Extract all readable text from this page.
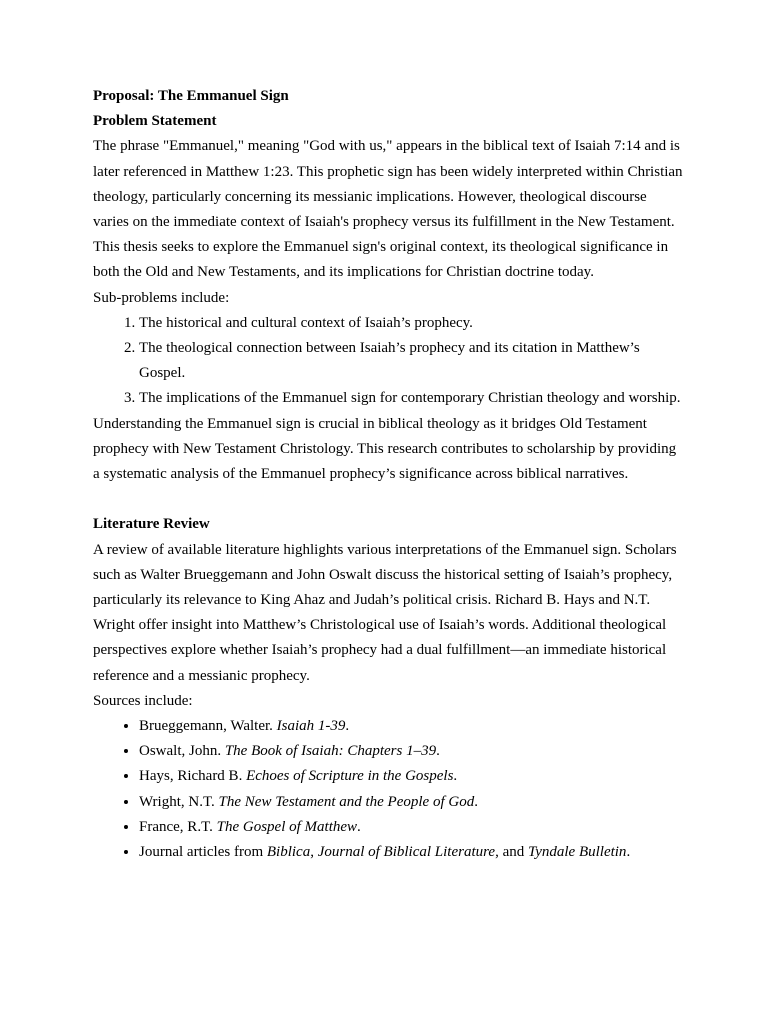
Proposal: The Emmanuel Sign

Problem Statement

The phrase "Emmanuel," meaning "God with us," appears in the biblical text of Isaiah 7:14 and is later referenced in Matthew 1:23. This prophetic sign has been widely interpreted within Christian theology, particularly concerning its messianic implications. However, theological discourse varies on the immediate context of Isaiah's prophecy versus its fulfillment in the New Testament. This thesis seeks to explore the Emmanuel sign's original context, its theological significance in both the Old and New Testaments, and its implications for Christian doctrine today.

Sub-problems include:

1. The historical and cultural context of Isaiah’s prophecy.
2. The theological connection between Isaiah’s prophecy and its citation in Matthew’s Gospel.
3. The implications of the Emmanuel sign for contemporary Christian theology and worship.

Understanding the Emmanuel sign is crucial in biblical theology as it bridges Old Testament prophecy with New Testament Christology. This research contributes to scholarship by providing a systematic analysis of the Emmanuel prophecy’s significance across biblical narratives.

Literature Review

A review of available literature highlights various interpretations of the Emmanuel sign. Scholars such as Walter Brueggemann and John Oswalt discuss the historical setting of Isaiah’s prophecy, particularly its relevance to King Ahaz and Judah’s political crisis. Richard B. Hays and N.T. Wright offer insight into Matthew’s Christological use of Isaiah’s words. Additional theological perspectives explore whether Isaiah’s prophecy had a dual fulfillment—an immediate historical reference and a messianic prophecy.

Sources include:

• Brueggemann, Walter. Isaiah 1-39.
• Oswalt, John. The Book of Isaiah: Chapters 1–39.
• Hays, Richard B. Echoes of Scripture in the Gospels.
• Wright, N.T. The New Testament and the People of God.
• France, R.T. The Gospel of Matthew.
• Journal articles from Biblica, Journal of Biblical Literature, and Tyndale Bulletin.
